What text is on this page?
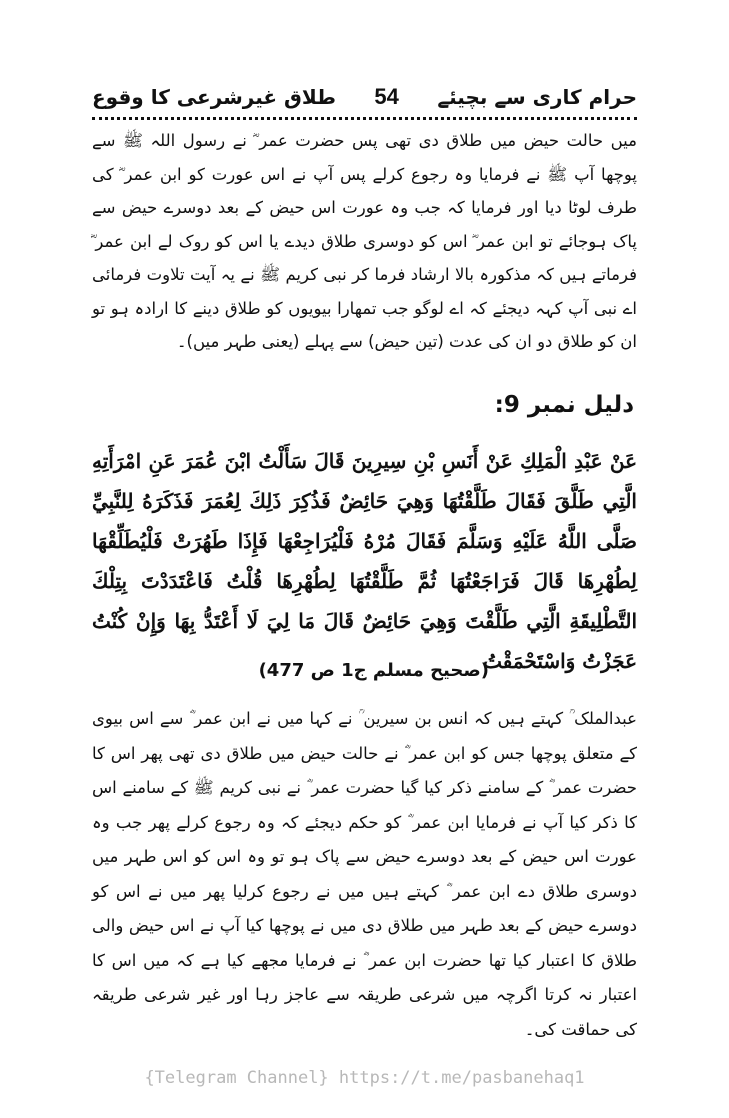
حرام کاری سے بچیئے
54
طلاق غیرشرعی کا وقوع
میں حالت حیض میں طلاق دی تھی پس حضرت عمر ؓ نے رسول اللہ ﷺ سے پوچھا آپ ﷺ نے فرمایا وہ رجوع کرلے پس آپ نے اس عورت کو ابن عمر ؓ کی طرف لوٹا دیا اور فرمایا کہ جب وہ عورت اس حیض کے بعد دوسرے حیض سے پاک ہوجائے تو ابن عمر ؓ اس کو دوسری طلاق دیدے یا اس کو روک لے ابن عمر ؓ فرماتے ہیں کہ مذکورہ بالا ارشاد فرما کر نبی کریم ﷺ نے یہ آیت تلاوت فرمائی اے نبی آپ کہہ دیجئے کہ اے لوگو جب تمھارا بیویوں کو طلاق دینے کا ارادہ ہو تو ان کو طلاق دو ان کی عدت (تین حیض) سے پہلے (یعنی طہر میں)۔
دلیل نمبر 9:
عَنْ عَبْدِ الْمَلِكِ عَنْ أَنَسِ بْنِ سِيرِينَ قَالَ سَأَلْتُ ابْنَ عُمَرَ عَنِ امْرَأَتِهِ الَّتِي طَلَّقَ فَقَالَ طَلَّقْتُهَا وَهِيَ حَائِضٌ فَذُكِرَ ذَلِكَ لِعُمَرَ فَذَكَرَهُ لِلنَّبِيِّ صَلَّى اللَّهُ عَلَيْهِ وَسَلَّمَ فَقَالَ مُرْهُ فَلْيُرَاجِعْهَا فَإِذَا طَهُرَتْ فَلْيُطَلِّقْهَا لِطُهْرِهَا قَالَ فَرَاجَعْتُهَا ثُمَّ طَلَّقْتُهَا لِطُهْرِهَا قُلْتُ فَاعْتَدَدْتَ بِتِلْكَ التَّطْلِيقَةِ الَّتِي طَلَّقْتَ وَهِيَ حَائِضٌ قَالَ مَا لِيَ لَا أَعْتَدُّ بِهَا وَإِنْ كُنْتُ عَجَزْتُ وَاسْتَحْمَقْتُ
(صحیح مسلم ج1 ص 477)
عبدالملک ؒ کہتے ہیں کہ انس بن سیرین ؒ نے کہا میں نے ابن عمر ؓ سے اس بیوی کے متعلق پوچھا جس کو ابن عمر ؓ نے حالت حیض میں طلاق دی تھی پھر اس کا حضرت عمر ؓ کے سامنے ذکر کیا گیا حضرت عمر ؓ نے نبی کریم ﷺ کے سامنے اس کا ذکر کیا آپ نے فرمایا ابن عمر ؓ کو حکم دیجئے کہ وہ رجوع کرلے پھر جب وہ عورت اس حیض کے بعد دوسرے حیض سے پاک ہو تو وہ اس کو اس طہر میں دوسری طلاق دے ابن عمر ؓ کہتے ہیں میں نے رجوع کرلیا پھر میں نے اس کو دوسرے حیض کے بعد طہر میں طلاق دی میں نے پوچھا کیا آپ نے اس حیض والی طلاق کا اعتبار کیا تھا حضرت ابن عمر ؓ نے فرمایا مجھے کیا ہے کہ میں اس کا اعتبار نہ کرتا اگرچہ میں شرعی طریقہ سے عاجز رہا اور غیر شرعی طریقہ کی حماقت کی۔
{Telegram Channel} https://t.me/pasbanehaq1
